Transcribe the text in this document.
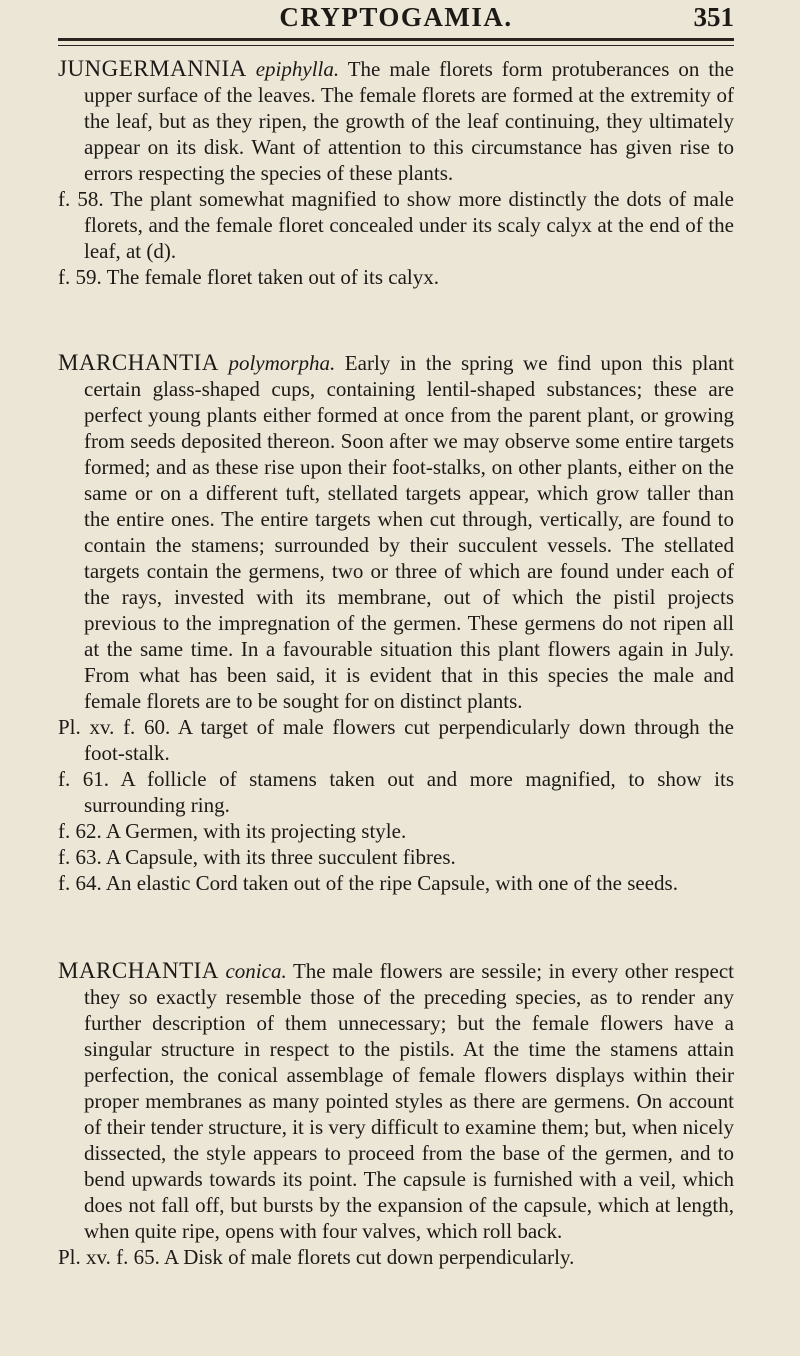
CRYPTOGAMIA.	351

JUNGERMANNIA epiphylla. The male florets form protuberances on the upper surface of the leaves. The female florets are formed at the extremity of the leaf, but as they ripen, the growth of the leaf continuing, they ultimately appear on its disk. Want of attention to this circumstance has given rise to errors respecting the species of these plants.

f. 58. The plant somewhat magnified to show more distinctly the dots of male florets, and the female floret concealed under its scaly calyx at the end of the leaf, at (d).

f. 59. The female floret taken out of its calyx.

MARCHANTIA polymorpha. Early in the spring we find upon this plant certain glass-shaped cups, containing lentil-shaped substances; these are perfect young plants either formed at once from the parent plant, or growing from seeds deposited thereon. Soon after we may observe some entire targets formed; and as these rise upon their foot-stalks, on other plants, either on the same or on a different tuft, stellated targets appear, which grow taller than the entire ones. The entire targets when cut through, vertically, are found to contain the stamens; surrounded by their succulent vessels. The stellated targets contain the germens, two or three of which are found under each of the rays, invested with its membrane, out of which the pistil projects previous to the impregnation of the germen. These germens do not ripen all at the same time. In a favourable situation this plant flowers again in July. From what has been said, it is evident that in this species the male and female florets are to be sought for on distinct plants.

Pl. xv. f. 60. A target of male flowers cut perpendicularly down through the foot-stalk.

f. 61. A follicle of stamens taken out and more magnified, to show its surrounding ring.

f. 62. A Germen, with its projecting style.

f. 63. A Capsule, with its three succulent fibres.

f. 64. An elastic Cord taken out of the ripe Capsule, with one of the seeds.

MARCHANTIA conica. The male flowers are sessile; in every other respect they so exactly resemble those of the preceding species, as to render any further description of them unnecessary; but the female flowers have a singular structure in respect to the pistils. At the time the stamens attain perfection, the conical assemblage of female flowers displays within their proper membranes as many pointed styles as there are germens. On account of their tender structure, it is very difficult to examine them; but, when nicely dissected, the style appears to proceed from the base of the germen, and to bend upwards towards its point. The capsule is furnished with a veil, which does not fall off, but bursts by the expansion of the capsule, which at length, when quite ripe, opens with four valves, which roll back.

Pl. xv. f. 65. A Disk of male florets cut down perpendicularly.
